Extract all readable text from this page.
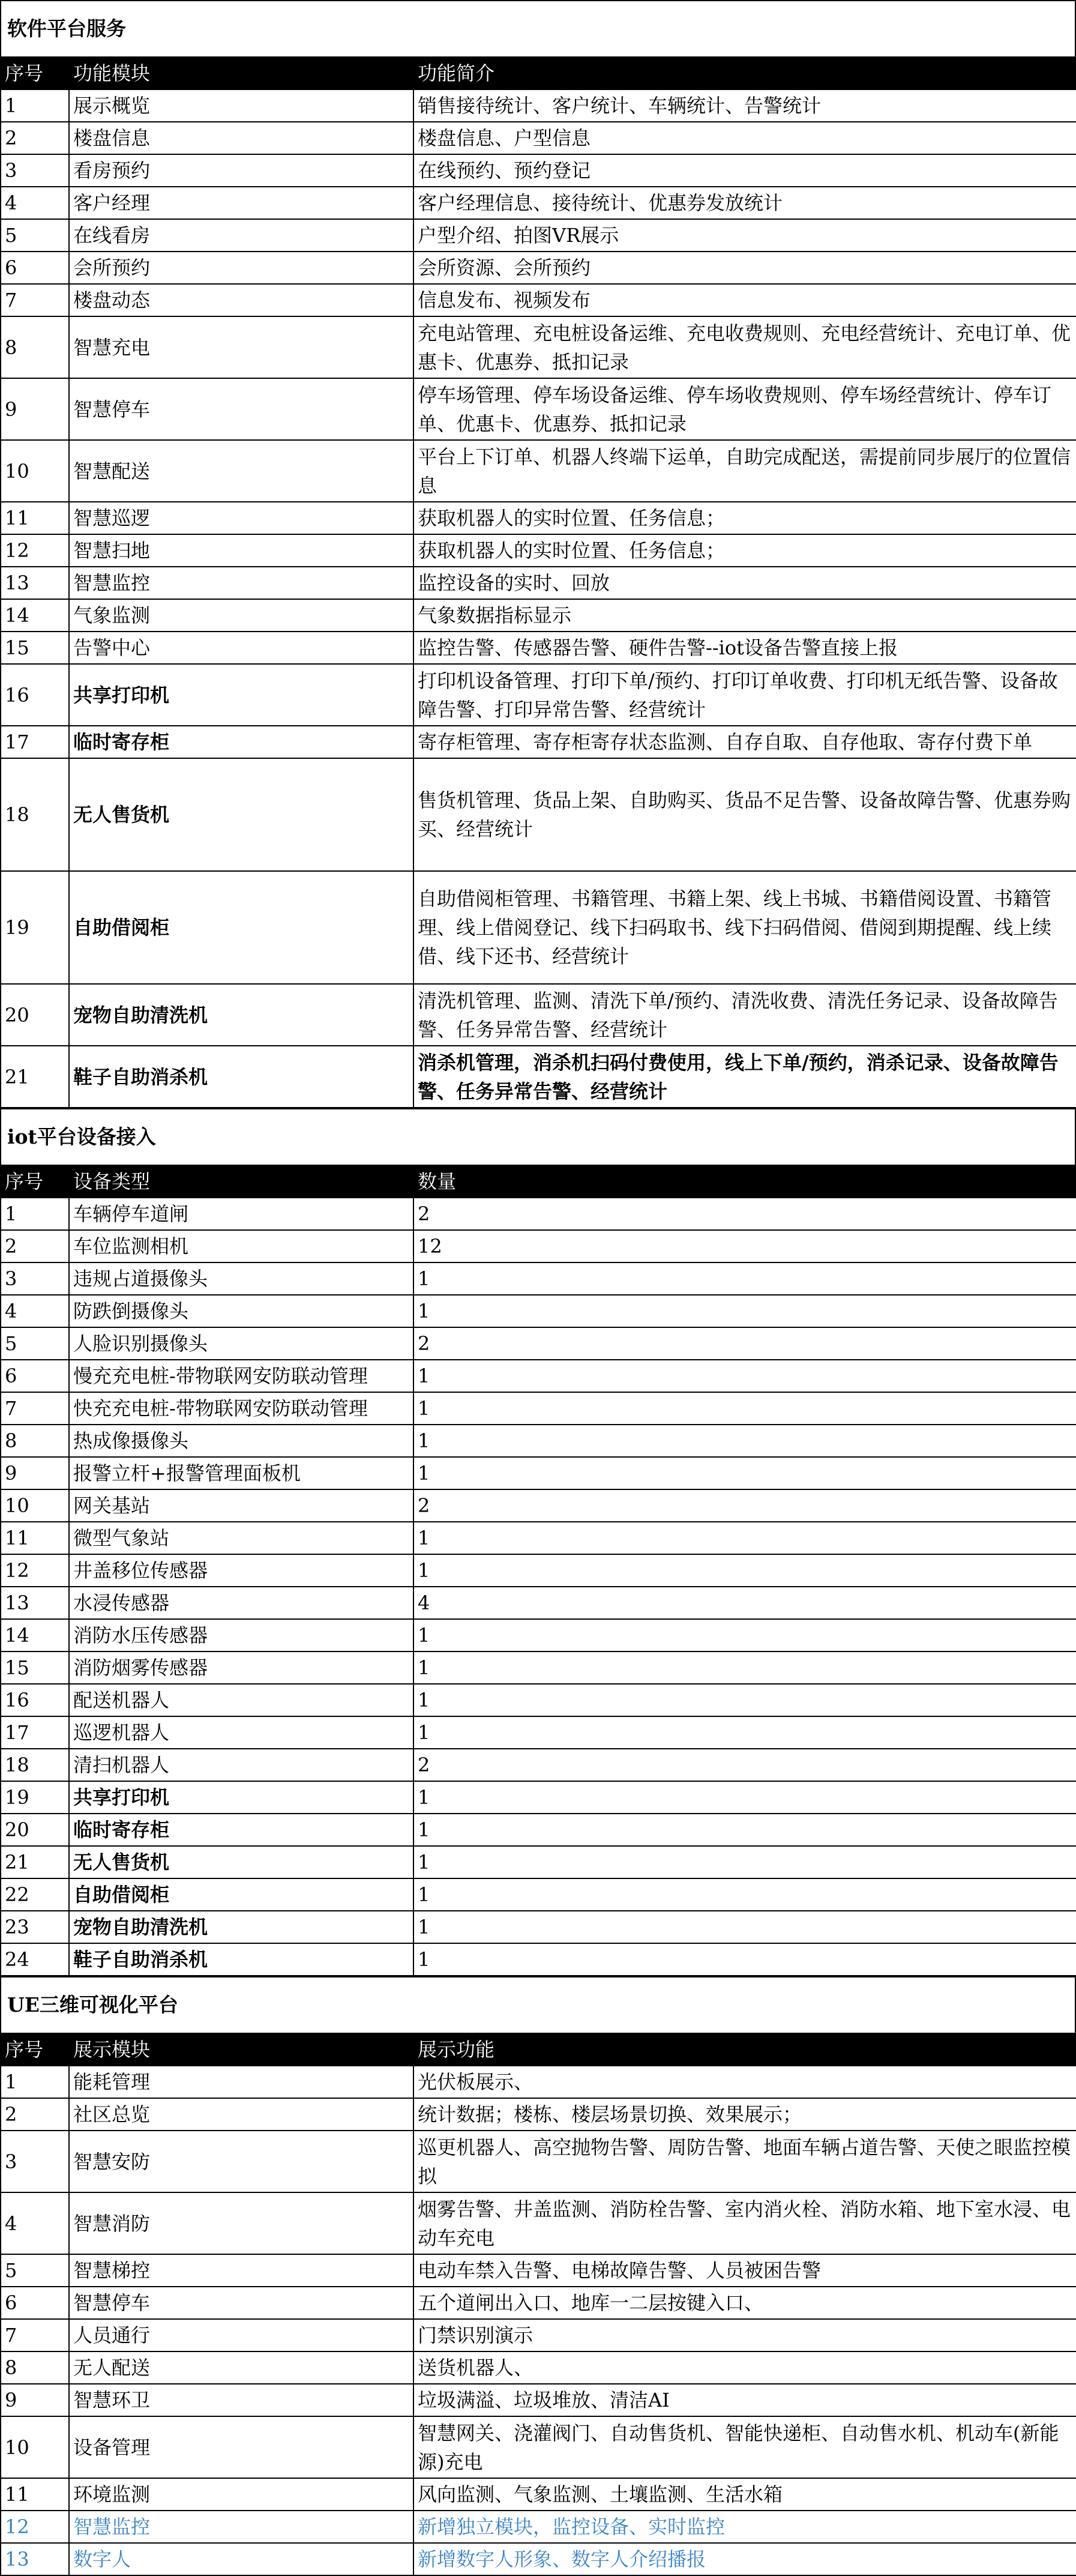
软件平台服务
序号	功能模块	功能简介
1	展示概览	销售接待统计、客户统计、车辆统计、告警统计
2	楼盘信息	楼盘信息、户型信息
3	看房预约	在线预约、预约登记
4	客户经理	客户经理信息、接待统计、优惠券发放统计
5	在线看房	户型介绍、拍图VR展示
6	会所预约	会所资源、会所预约
7	楼盘动态	信息发布、视频发布
8	智慧充电	充电站管理、充电桩设备运维、充电收费规则、充电经营统计、充电订单、优惠卡、优惠券、抵扣记录
9	智慧停车	停车场管理、停车场设备运维、停车场收费规则、停车场经营统计、停车订单、优惠卡、优惠券、抵扣记录
10	智慧配送	平台上下订单、机器人终端下运单，自助完成配送，需提前同步展厅的位置信息
11	智慧巡逻	获取机器人的实时位置、任务信息；
12	智慧扫地	获取机器人的实时位置、任务信息；
13	智慧监控	监控设备的实时、回放
14	气象监测	气象数据指标显示
15	告警中心	监控告警、传感器告警、硬件告警--iot设备告警直接上报
16	共享打印机	打印机设备管理、打印下单/预约、打印订单收费、打印机无纸告警、设备故障告警、打印异常告警、经营统计
17	临时寄存柜	寄存柜管理、寄存柜寄存状态监测、自存自取、自存他取、寄存付费下单
18	无人售货机	售货机管理、货品上架、自助购买、货品不足告警、设备故障告警、优惠券购买、经营统计
19	自助借阅柜	自助借阅柜管理、书籍管理、书籍上架、线上书城、书籍借阅设置、书籍管理、线上借阅登记、线下扫码取书、线下扫码借阅、借阅到期提醒、线上续借、线下还书、经营统计
20	宠物自助清洗机	清洗机管理、监测、清洗下单/预约、清洗收费、清洗任务记录、设备故障告警、任务异常告警、经营统计
21	鞋子自助消杀机	消杀机管理，消杀机扫码付费使用，线上下单/预约，消杀记录、设备故障告警、任务异常告警、经营统计
iot平台设备接入
序号	设备类型	数量
1	车辆停车道闸	2
2	车位监测相机	12
3	违规占道摄像头	1
4	防跌倒摄像头	1
5	人脸识别摄像头	2
6	慢充充电桩-带物联网安防联动管理	1
7	快充充电桩-带物联网安防联动管理	1
8	热成像摄像头	1
9	报警立杆+报警管理面板机	1
10	网关基站	2
11	微型气象站	1
12	井盖移位传感器	1
13	水浸传感器	4
14	消防水压传感器	1
15	消防烟雾传感器	1
16	配送机器人	1
17	巡逻机器人	1
18	清扫机器人	2
19	共享打印机	1
20	临时寄存柜	1
21	无人售货机	1
22	自助借阅柜	1
23	宠物自助清洗机	1
24	鞋子自助消杀机	1
UE三维可视化平台
序号	展示模块	展示功能
1	能耗管理	光伏板展示、
2	社区总览	统计数据；楼栋、楼层场景切换、效果展示；
3	智慧安防	巡更机器人、高空抛物告警、周防告警、地面车辆占道告警、天使之眼监控模拟
4	智慧消防	烟雾告警、井盖监测、消防栓告警、室内消火栓、消防水箱、地下室水浸、电动车充电
5	智慧梯控	电动车禁入告警、电梯故障告警、人员被困告警
6	智慧停车	五个道闸出入口、地库一二层按键入口、
7	人员通行	门禁识别演示
8	无人配送	送货机器人、
9	智慧环卫	垃圾满溢、垃圾堆放、清洁AI
10	设备管理	智慧网关、浇灌阀门、自动售货机、智能快递柜、自动售水机、机动车(新能源)充电
11	环境监测	风向监测、气象监测、土壤监测、生活水箱
12	智慧监控	新增独立模块，监控设备、实时监控
13	数字人	新增数字人形象、数字人介绍播报
